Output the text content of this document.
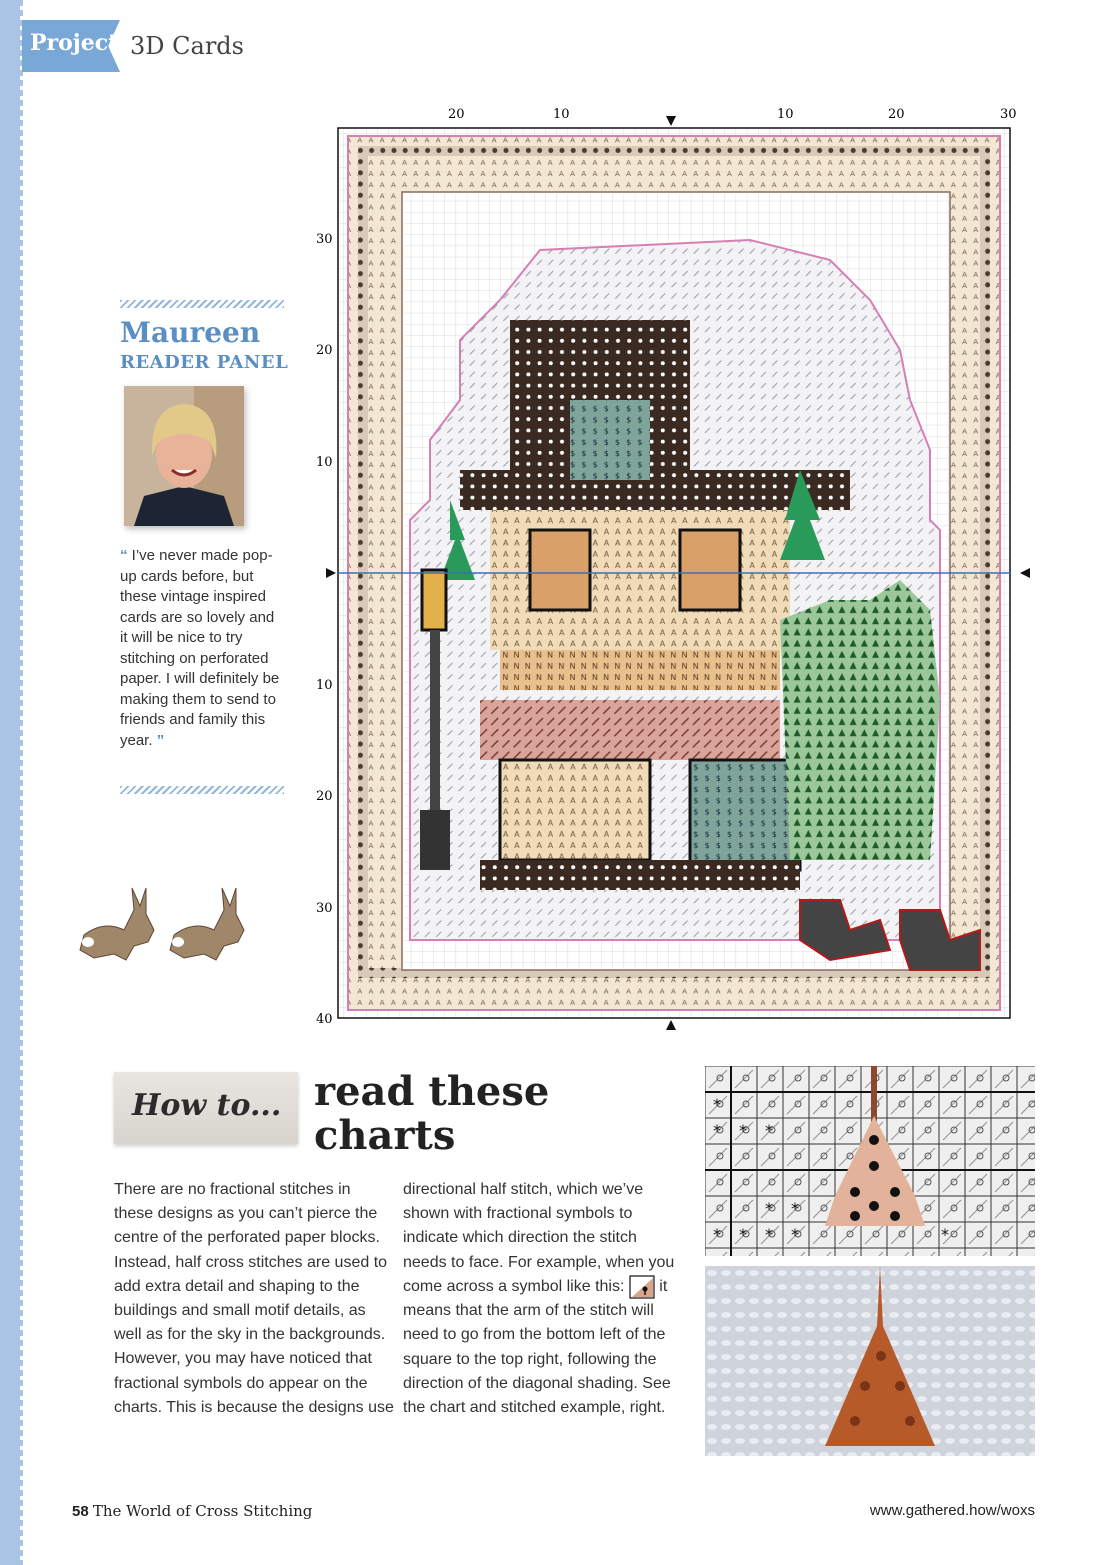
Project 3D Cards
20	10	10	20	30
30
20
10
10
20
30
40
Maureen
READER PANEL
“ I’ve never made pop-up cards before, but these vintage inspired cards are so lovely and it will be nice to try stitching on perforated paper. I will definitely be making them to send to friends and family this year. ”
How to... read these charts
There are no fractional stitches in these designs as you can’t pierce the centre of the perforated paper blocks. Instead, half cross stitches are used to add extra detail and shaping to the buildings and small motif details, as well as for the sky in the backgrounds. However, you may have noticed that fractional symbols do appear on the charts. This is because the designs use
directional half stitch, which we’ve shown with fractional symbols to indicate which direction the stitch needs to face. For example, when you come across a symbol like this:  it means that the arm of the stitch will need to go from the bottom left of the square to the top right, following the direction of the diagonal shading. See the chart and stitched example, right.
*
* * *
* *
* * * *	*
58 The World of Cross Stitching	www.gathered.how/woxs
